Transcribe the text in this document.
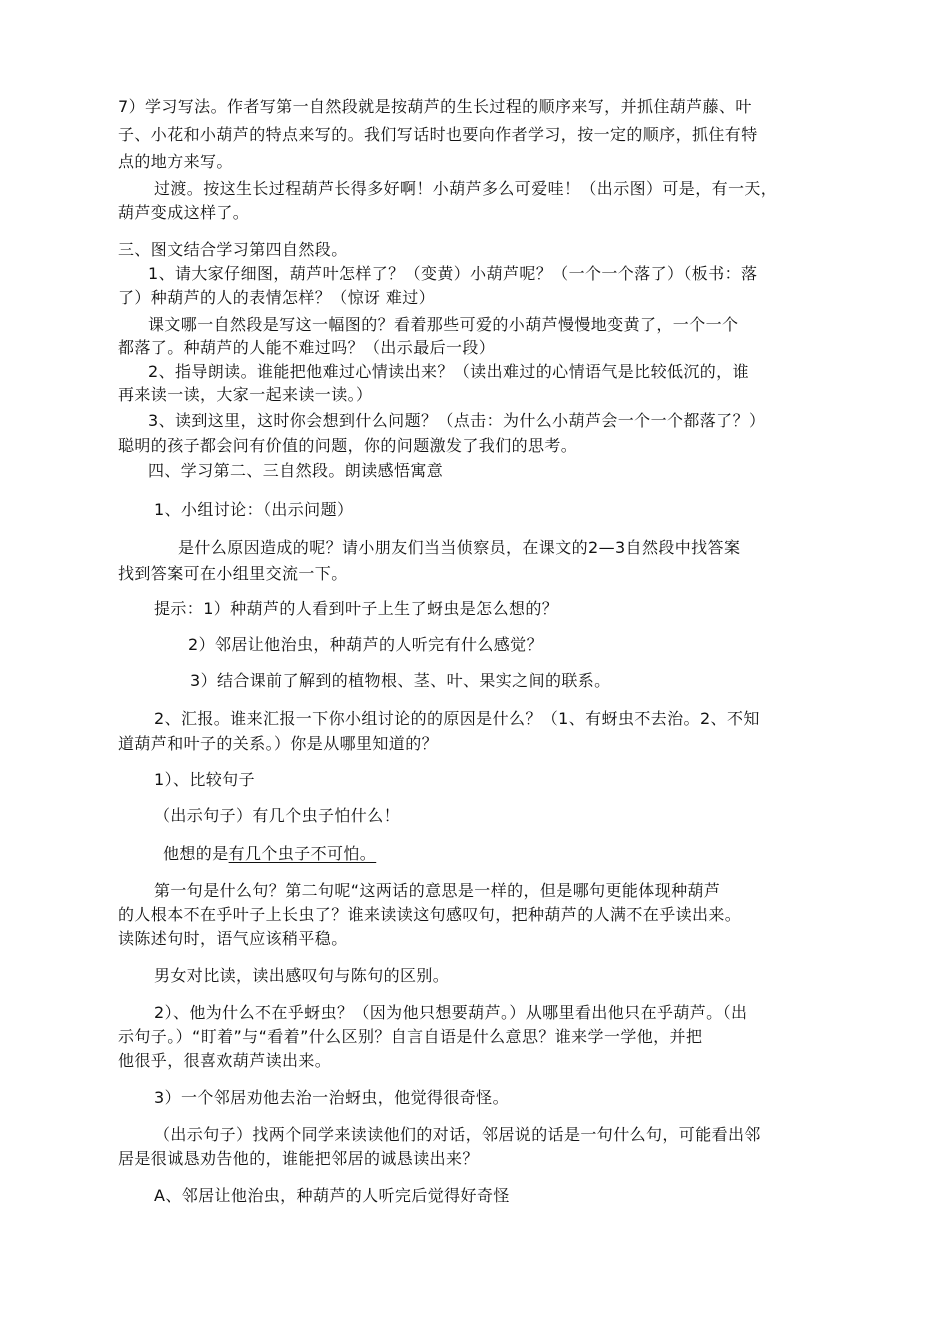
7）学习写法。作者写第一自然段就是按葫芦的生长过程的顺序来写，并抓住葫芦藤、叶
子、小花和小葫芦的特点来写的。我们写话时也要向作者学习，按一定的顺序，抓住有特
点的地方来写。
过渡。按这生长过程葫芦长得多好啊！小葫芦多么可爱哇！（出示图）可是，有一天，
葫芦变成这样了。
三、图文结合学习第四自然段。
1、请大家仔细图，葫芦叶怎样了？（变黄）小葫芦呢？（一个一个落了）（板书：落
了）种葫芦的人的表情怎样？（惊讶 难过）
课文哪一自然段是写这一幅图的？看着那些可爱的小葫芦慢慢地变黄了，一个一个
都落了。种葫芦的人能不难过吗？（出示最后一段）
2、指导朗读。谁能把他难过心情读出来？（读出难过的心情语气是比较低沉的，谁
再来读一读，大家一起来读一读。）
3、读到这里，这时你会想到什么问题？（点击：为什么小葫芦会一个一个都落了？）
聪明的孩子都会问有价值的问题，你的问题激发了我们的思考。
四、学习第二、三自然段。朗读感悟寓意
1、小组讨论：（出示问题）
是什么原因造成的呢？请小朋友们当当侦察员，在课文的2—3自然段中找答案
找到答案可在小组里交流一下。
提示：1）种葫芦的人看到叶子上生了蚜虫是怎么想的？
2）邻居让他治虫，种葫芦的人听完有什么感觉？
3）结合课前了解到的植物根、茎、叶、果实之间的联系。
2、汇报。谁来汇报一下你小组讨论的的原因是什么？（1、有蚜虫不去治。2、不知
道葫芦和叶子的关系。）你是从哪里知道的？
1）、比较句子
（出示句子）有几个虫子怕什么！
他想的是有几个虫子不可怕。
第一句是什么句？第二句呢“这两话的意思是一样的，但是哪句更能体现种葫芦
的人根本不在乎叶子上长虫了？谁来读读这句感叹句，把种葫芦的人满不在乎读出来。
读陈述句时，语气应该稍平稳。
男女对比读，读出感叹句与陈句的区别。
2）、他为什么不在乎蚜虫？（因为他只想要葫芦。）从哪里看出他只在乎葫芦。（出
示句子。）“盯着”与“看着”什么区别？自言自语是什么意思？谁来学一学他，并把
他很乎，很喜欢葫芦读出来。
3）一个邻居劝他去治一治蚜虫，他觉得很奇怪。
（出示句子）找两个同学来读读他们的对话，邻居说的话是一句什么句，可能看出邻
居是很诚恳劝告他的，谁能把邻居的诚恳读出来？
A、邻居让他治虫，种葫芦的人听完后觉得好奇怪
